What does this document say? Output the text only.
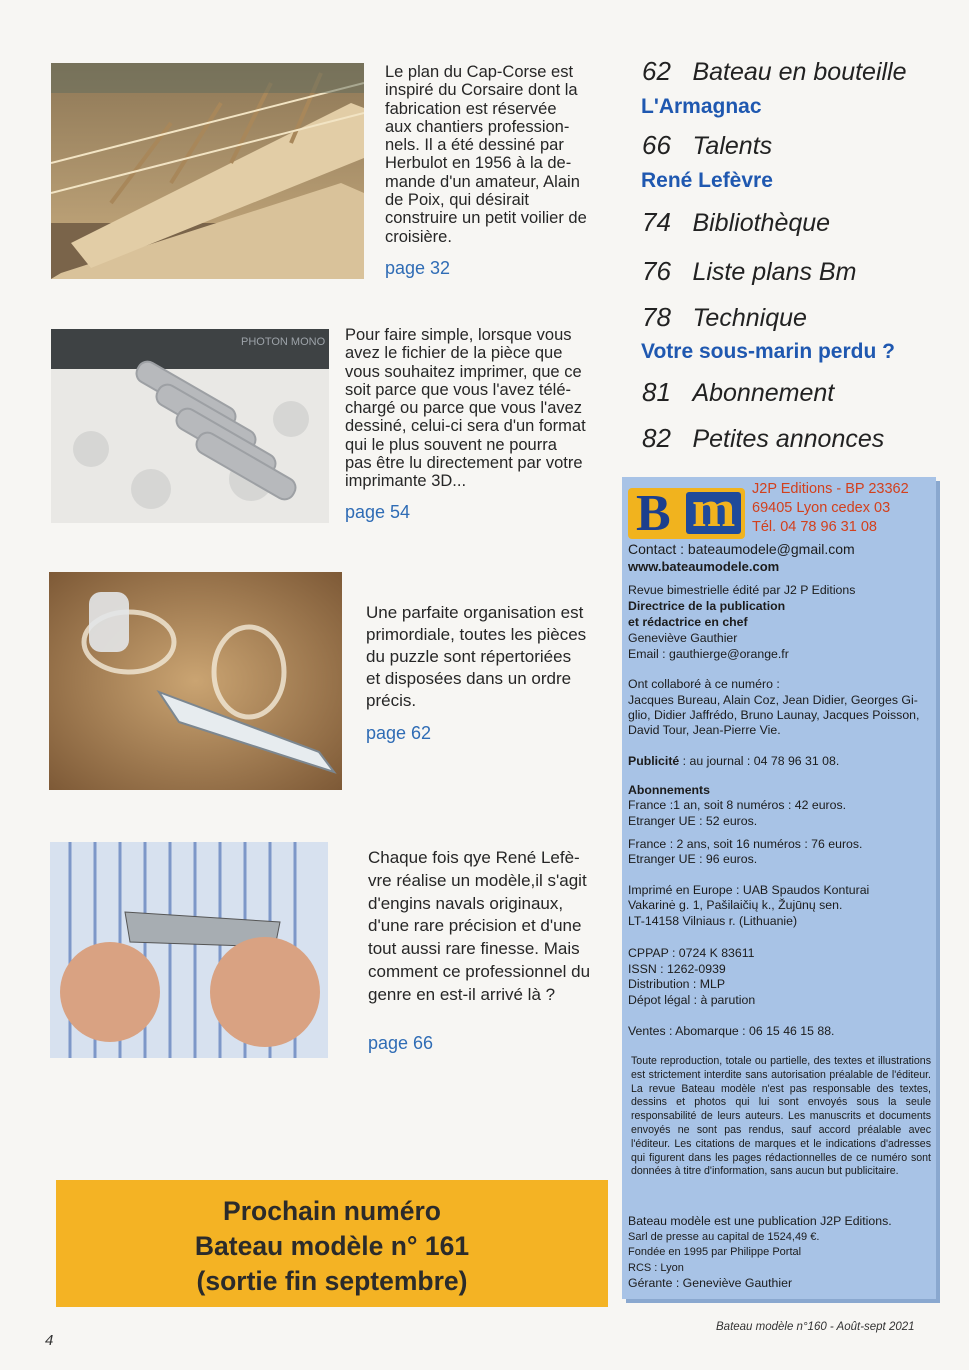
PHOTON MONO
Le plan du Cap-Corse est
inspiré du Corsaire dont la
fabrication est réservée
aux chantiers profession-
nels. Il a été dessiné par
Herbulot en 1956 à la de-
mande d'un amateur, Alain
de Poix, qui désirait
construire un petit voilier de
croisière.
page 32
Pour faire simple, lorsque vous
avez le fichier de la pièce que
vous souhaitez imprimer, que ce
soit parce que vous l'avez télé-
chargé ou parce que vous l'avez
dessiné, celui-ci sera d'un format
qui le plus souvent ne pourra
pas être lu directement par votre
imprimante 3D...
page 54
Une parfaite organisation est
primordiale, toutes les pièces
du puzzle sont répertoriées
et disposées dans un ordre
précis.
page 62
Chaque fois qye René Lefè-
vre réalise un modèle,il s'agit
d'engins navals originaux,
d'une rare précision et d'une
tout aussi rare finesse. Mais
comment ce professionnel du
genre en est-il arrivé là ?
page 66
62 Bateau en bouteille
L'Armagnac
66 Talents
René Lefèvre
74 Bibliothèque
76 Liste plans Bm
78 Technique
Votre sous-marin perdu ?
81 Abonnement
82 Petites annonces
B m J2P Editions - BP 23362
69405 Lyon cedex 03
Tél. 04 78 96 31 08
Contact : bateaumodele@gmail.com
www.bateaumodele.com
Revue bimestrielle édité par J2 P Editions
Directrice de la publication
et rédactrice en chef
Geneviève Gauthier
Email : gauthierge@orange.fr
Ont collaboré à ce numéro :
Jacques Bureau, Alain Coz, Jean Didier, Georges Gi-
glio, Didier Jaffrédo, Bruno Launay, Jacques Poisson,
David Tour, Jean-Pierre Vie.
Publicité : au journal : 04 78 96 31 08.
Abonnements
France :1 an, soit 8 numéros : 42 euros.
Etranger UE : 52 euros.
France : 2 ans, soit 16 numéros : 76 euros.
Etranger UE : 96 euros.
Imprimé en Europe : UAB Spaudos Konturai
Vakarinė g. 1, Pašilaičių k., Žujūnų sen.
LT-14158 Vilniaus r. (Lithuanie)
CPPAP : 0724 K 83611
ISSN : 1262-0939
Distribution : MLP
Dépot légal : à parution
Ventes : Abomarque : 06 15 46 15 88.
Toute reproduction, totale ou partielle, des textes et illustrations est strictement interdite sans autorisation préalable de l'éditeur. La revue Bateau modèle n'est pas responsable des textes, dessins et photos qui lui sont envoyés sous la seule responsabilité de leurs auteurs. Les manuscrits et documents envoyés ne sont pas rendus, sauf accord préalable avec l'éditeur. Les citations de marques et le indications d'adresses qui figurent dans les pages rédactionnelles de ce numéro sont données à titre d'information, sans aucun but publicitaire.
Bateau modèle est une publication J2P Editions.
Sarl de presse au capital de 1524,49 €.
Fondée en 1995 par Philippe Portal
RCS : Lyon
Gérante : Geneviève Gauthier
Prochain numéro
Bateau modèle n° 161
(sortie fin septembre)
4
Bateau modèle n°160 - Août-sept 2021
